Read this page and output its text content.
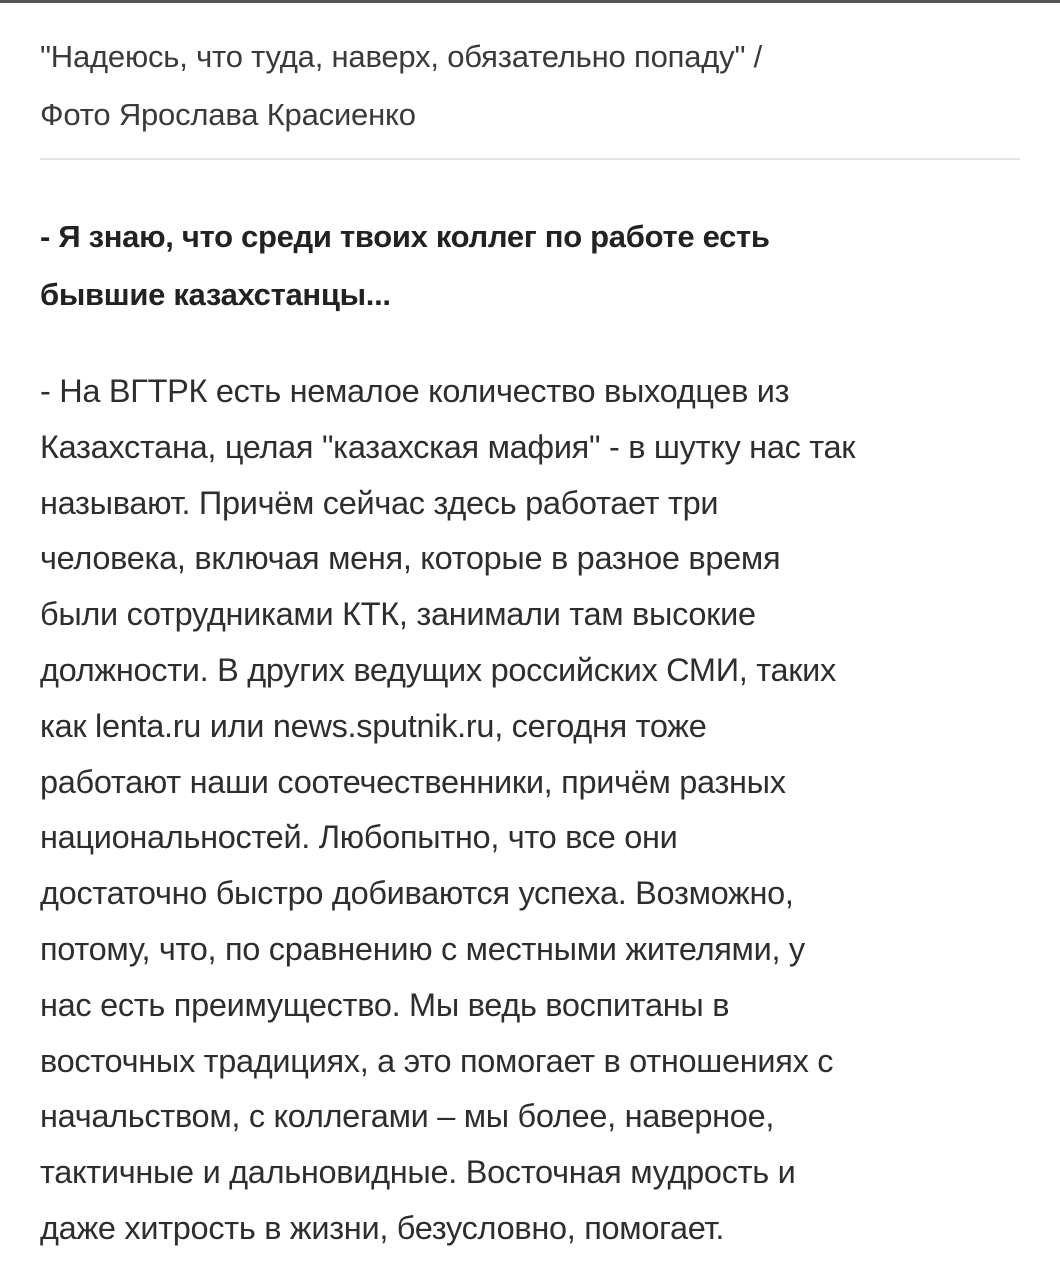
"Надеюсь, что туда, наверх, обязательно попаду" /
Фото Ярослава Красиенко
- Я знаю, что среди твоих коллег по работе есть
бывшие казахстанцы...
- На ВГТРК есть немалое количество выходцев из
Казахстана, целая "казахская мафия" - в шутку нас так
называют. Причём сейчас здесь работает три
человека, включая меня, которые в разное время
были сотрудниками КТК, занимали там высокие
должности. В других ведущих российских СМИ, таких
как lenta.ru или news.sputnik.ru, сегодня тоже
работают наши соотечественники, причём разных
национальностей. Любопытно, что все они
достаточно быстро добиваются успеха. Возможно,
потому, что, по сравнению с местными жителями, у
нас есть преимущество. Мы ведь воспитаны в
восточных традициях, а это помогает в отношениях с
начальством, с коллегами – мы более, наверное,
тактичные и дальновидные. Восточная мудрость и
даже хитрость в жизни, безусловно, помогает.
